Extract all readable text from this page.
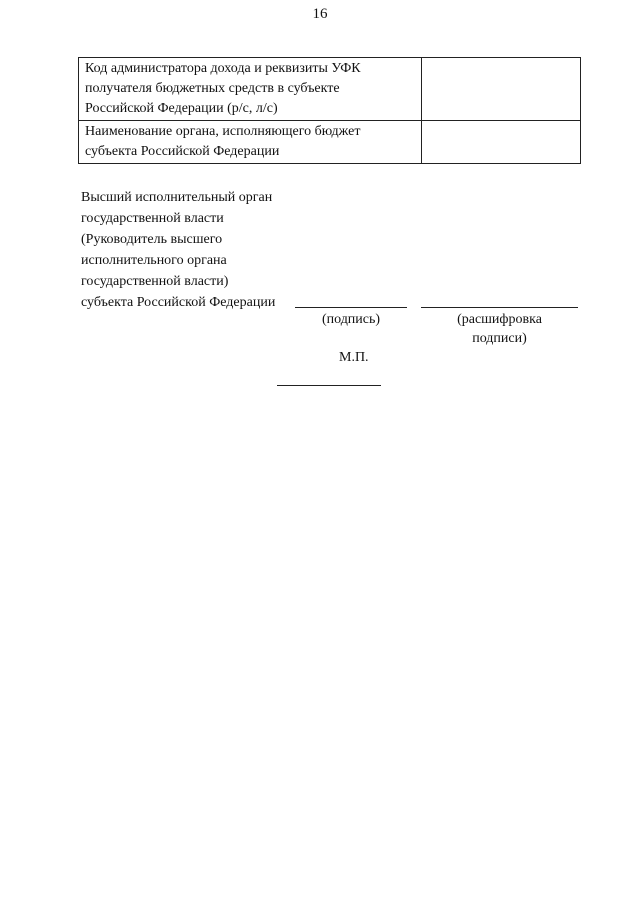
16
Код администратора дохода и реквизиты УФК
получателя бюджетных средств в субъекте
Российской Федерации (р/с, л/с)	

Наименование органа, исполняющего бюджет
субъекта Российской Федерации	

Высший исполнительный орган
государственной власти
(Руководитель высшего
исполнительного органа
государственной власти)
субъекта Российской Федерации
(подпись)	(расшифровка
подписи)
М.П.
